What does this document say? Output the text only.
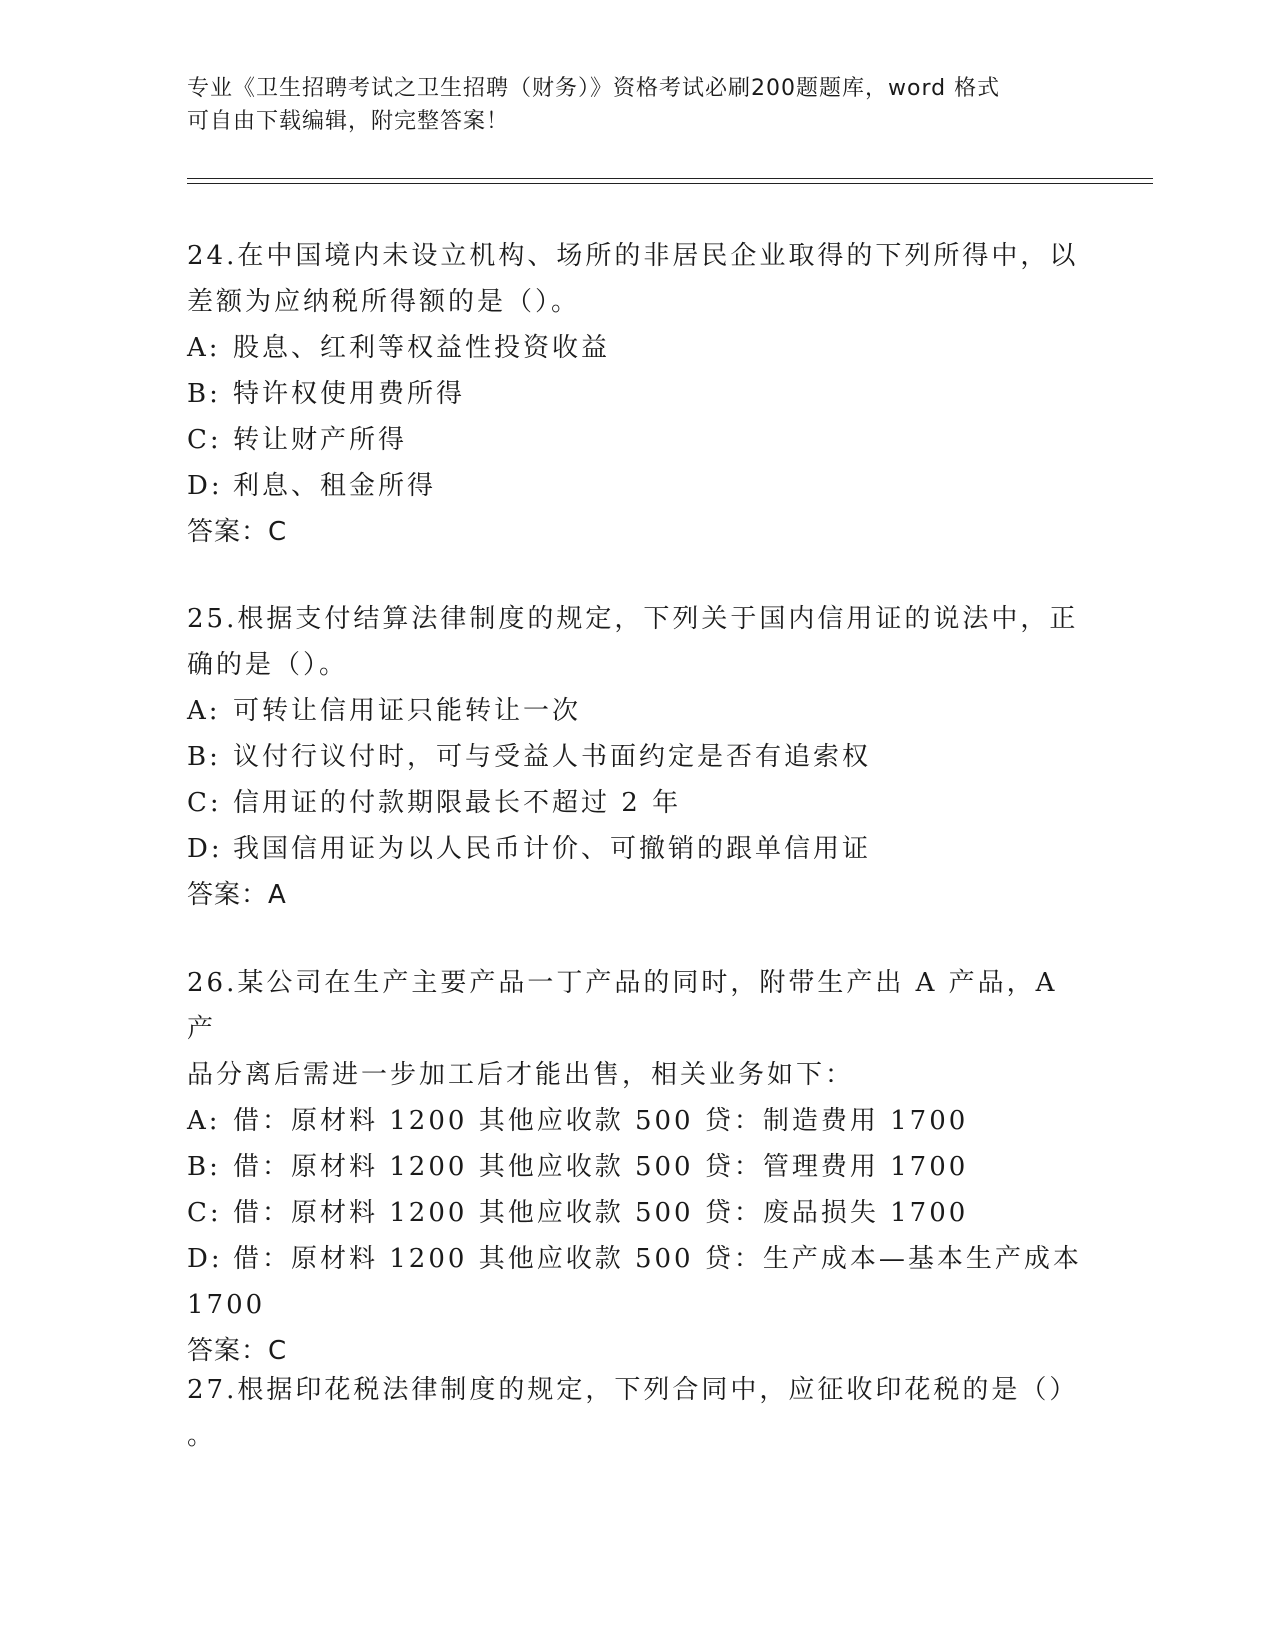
专业《卫生招聘考试之卫生招聘（财务）》资格考试必刷200题题库，word 格式
可自由下载编辑，附完整答案！
24.在中国境内未设立机构、场所的非居民企业取得的下列所得中，以
差额为应纳税所得额的是（）。
A: 股息、红利等权益性投资收益
B: 特许权使用费所得
C: 转让财产所得
D: 利息、租金所得
答案：C
25.根据支付结算法律制度的规定，下列关于国内信用证的说法中，正
确的是（）。
A: 可转让信用证只能转让一次
B: 议付行议付时，可与受益人书面约定是否有追索权
C: 信用证的付款期限最长不超过 2 年
D: 我国信用证为以人民币计价、可撤销的跟单信用证
答案：A
26.某公司在生产主要产品一丁产品的同时，附带生产出 A 产品，A 产
品分离后需进一步加工后才能出售，相关业务如下：
A: 借：原材料 1200 其他应收款 500 贷：制造费用 1700
B: 借：原材料 1200 其他应收款 500 贷：管理费用 1700
C: 借：原材料 1200 其他应收款 500 贷：废品损失 1700
D: 借：原材料 1200 其他应收款 500 贷：生产成本—基本生产成本
1700
答案：C
27.根据印花税法律制度的规定，下列合同中，应征收印花税的是（）
。
